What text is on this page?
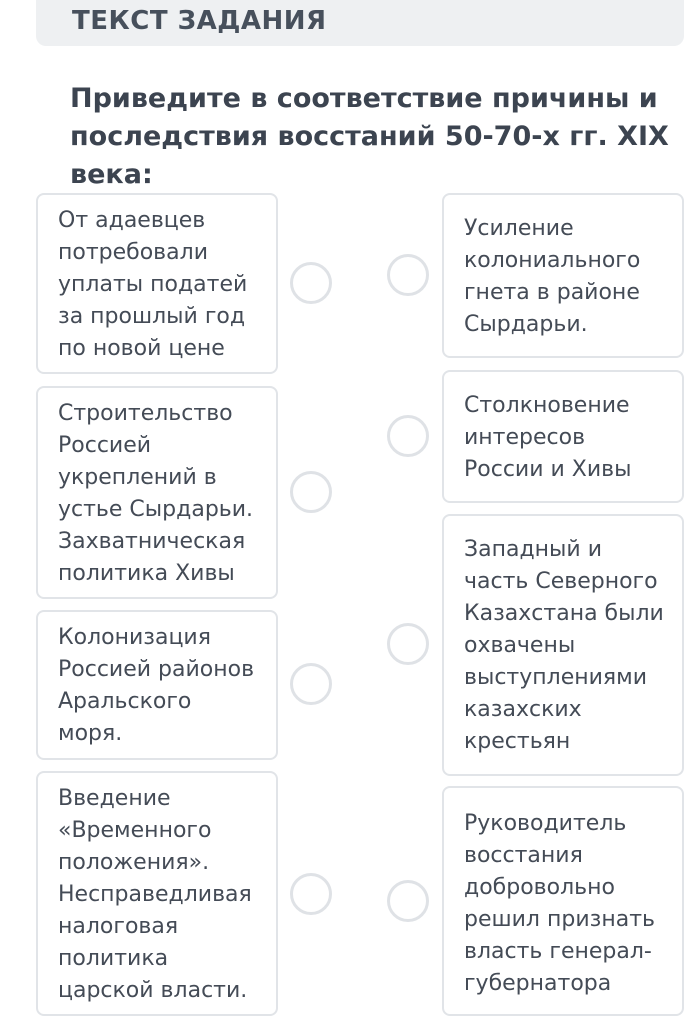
ТЕКСТ ЗАДАНИЯ
Приведите в соответствие причины и последствия восстаний 50-70-х гг. XIX века:
От адаевцев
потребовали
уплаты податей
за прошлый год
по новой цене
Строительство
Россией
укреплений в
устье Сырдарьи.
Захватническая
политика Хивы
Колонизация
Россией районов
Аральского
моря.
Введение
«Временного
положения».
Несправедливая
налоговая
политика
царской власти.
Усиление
колониального
гнета в районе
Сырдарьи.
Столкновение
интересов
России и Хивы
Западный и
часть Северного
Казахстана были
охвачены
выступлениями
казахских
крестьян
Руководитель
восстания
добровольно
решил признать
власть генерал-
губернатора
